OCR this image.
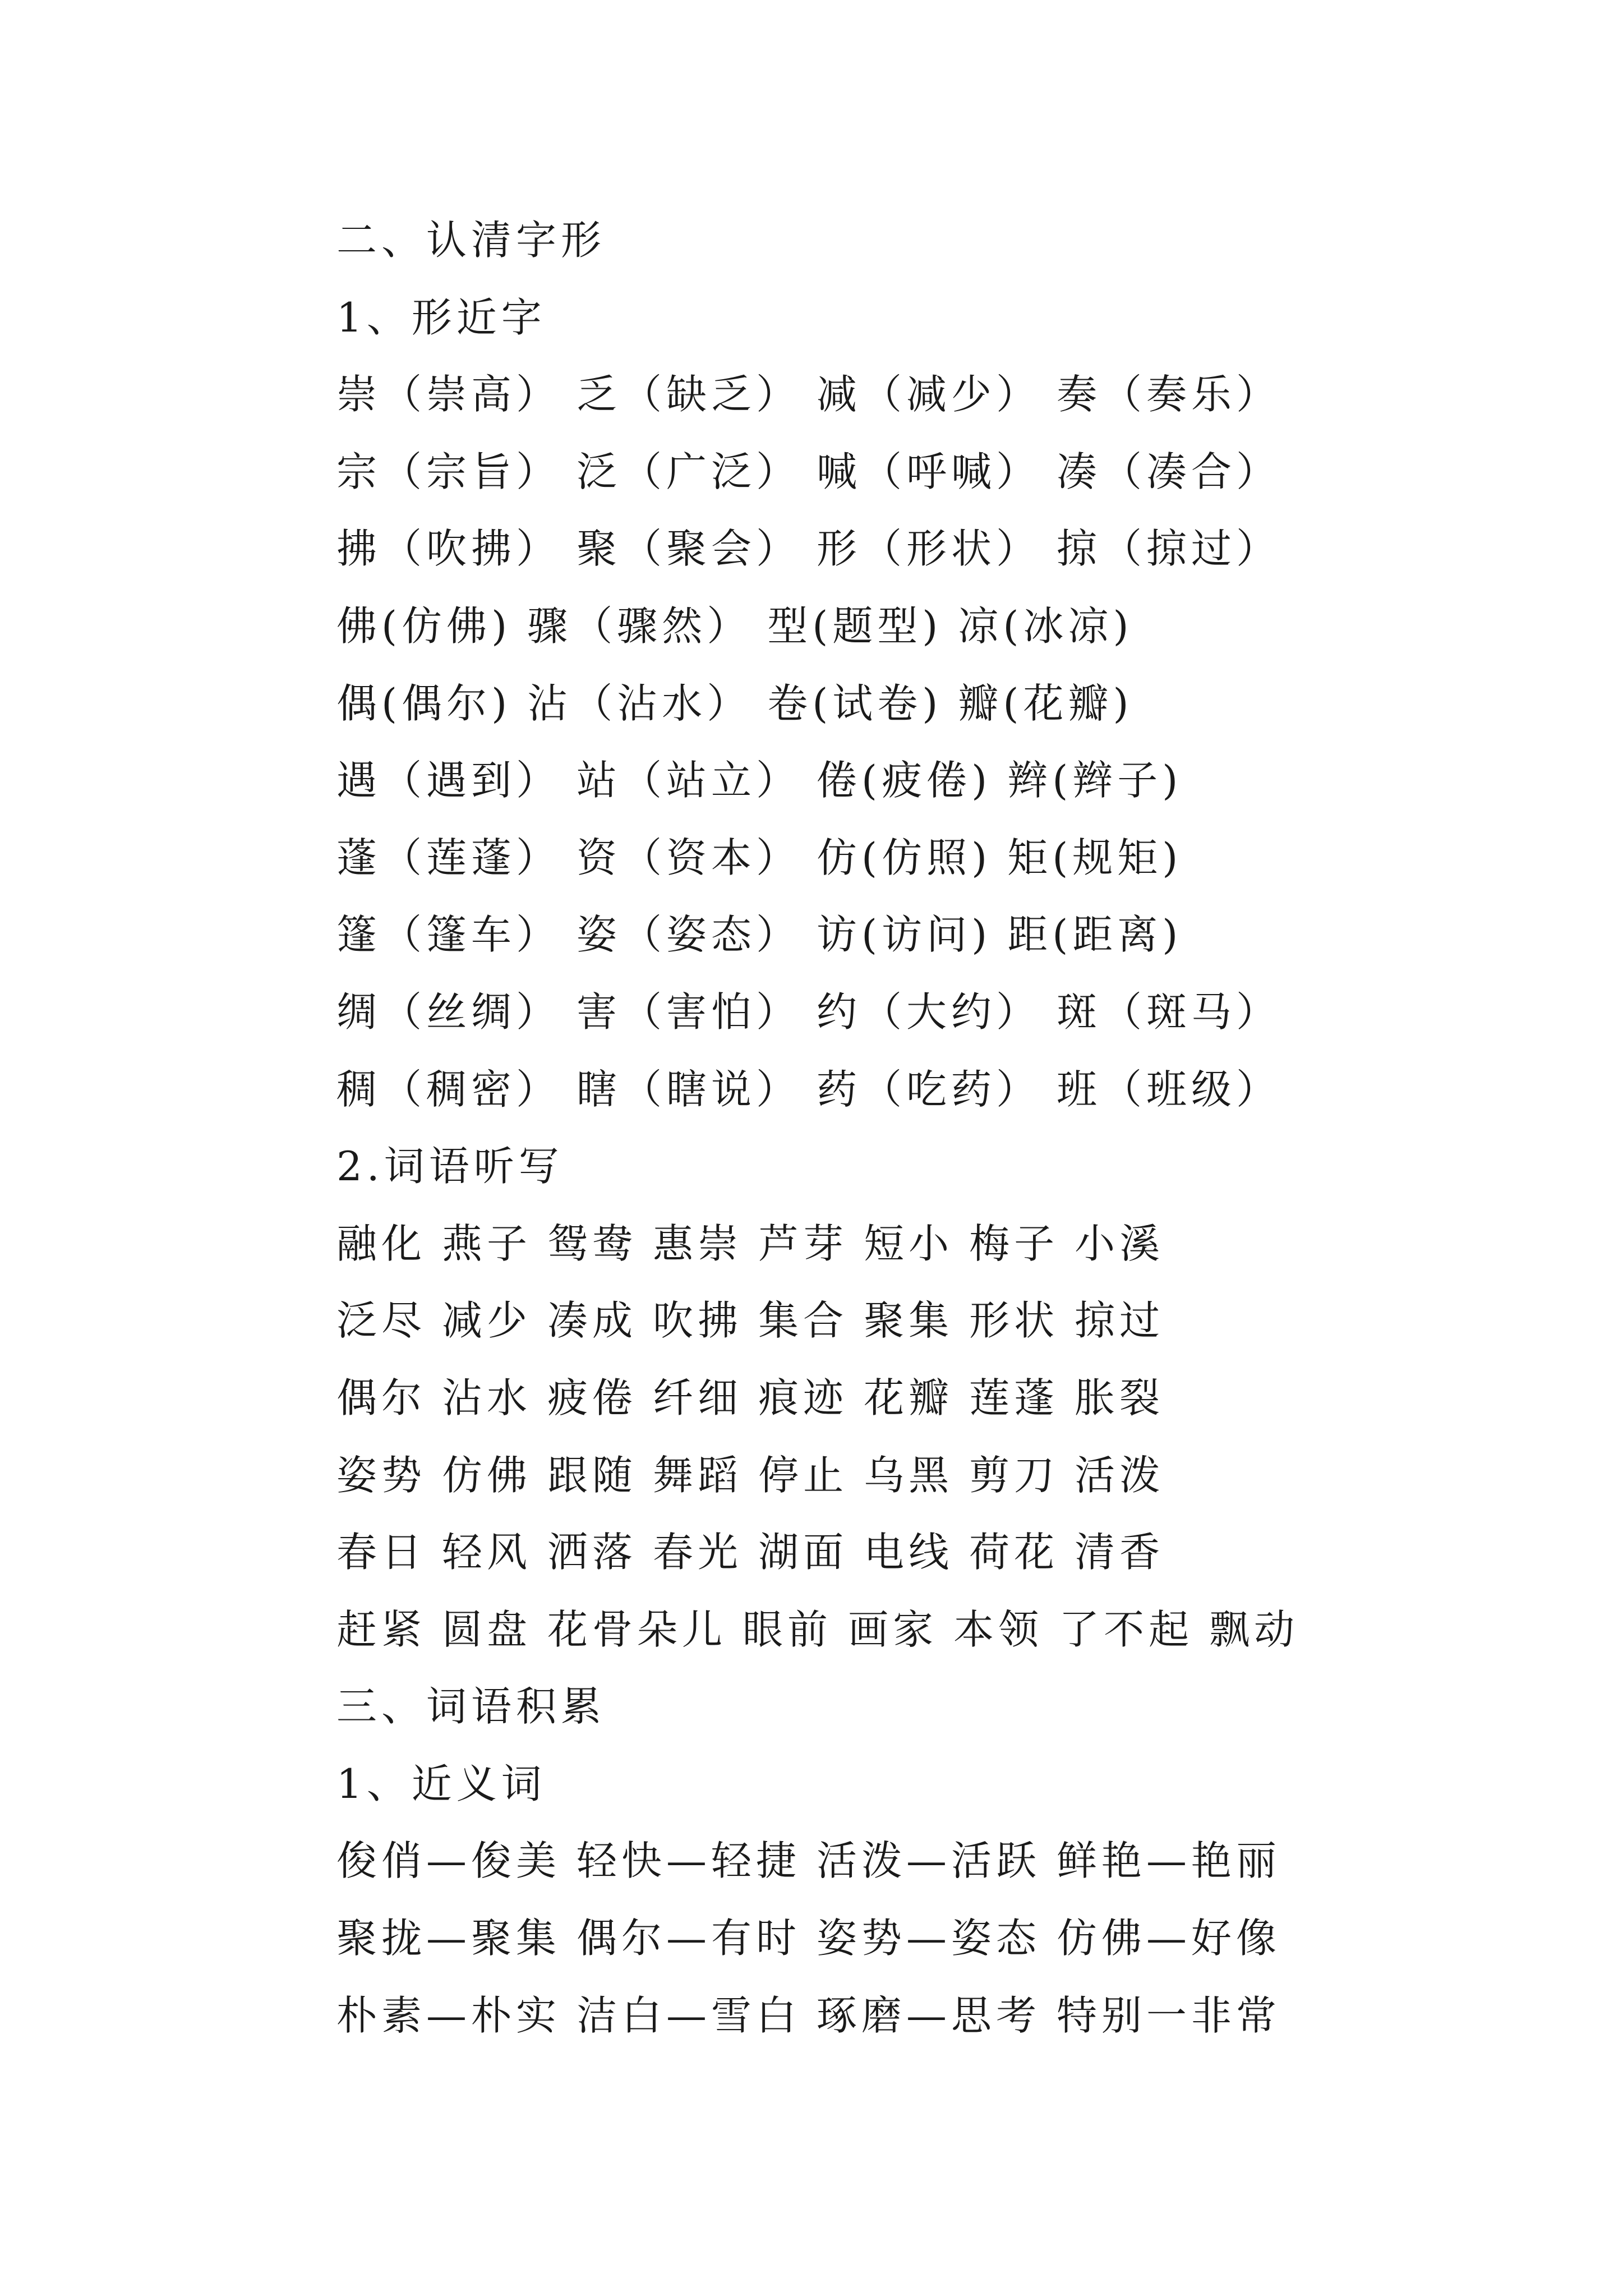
二、认清字形
1、形近字
崇（崇高） 乏（缺乏） 减（减少） 奏（奏乐）
宗（宗旨） 泛（广泛） 喊（呼喊） 凑（凑合）
拂（吹拂） 聚（聚会） 形（形状） 掠（掠过）
佛(仿佛) 骤（骤然） 型(题型) 凉(冰凉)
偶(偶尔) 沾（沾水） 卷(试卷) 瓣(花瓣)
遇（遇到） 站（站立） 倦(疲倦) 辫(辫子)
蓬（莲蓬） 资（资本） 仿(仿照) 矩(规矩)
篷（篷车） 姿（姿态） 访(访问) 距(距离)
绸（丝绸） 害（害怕） 约（大约） 斑（斑马）
稠（稠密） 瞎（瞎说） 药（吃药） 班（班级）
2.词语听写
融化 燕子 鸳鸯 惠崇 芦芽 短小 梅子 小溪
泛尽 减少 凑成 吹拂 集合 聚集 形状 掠过
偶尔 沾水 疲倦 纤细 痕迹 花瓣 莲蓬 胀裂
姿势 仿佛 跟随 舞蹈 停止 乌黑 剪刀 活泼
春日 轻风 洒落 春光 湖面 电线 荷花 清香
赶紧 圆盘 花骨朵儿 眼前 画家 本领 了不起 飘动
三、词语积累
1、近义词
俊俏—俊美 轻快—轻捷 活泼—活跃 鲜艳—艳丽
聚拢—聚集 偶尔—有时 姿势—姿态 仿佛—好像
朴素—朴实 洁白—雪白 琢磨—思考 特别一非常
